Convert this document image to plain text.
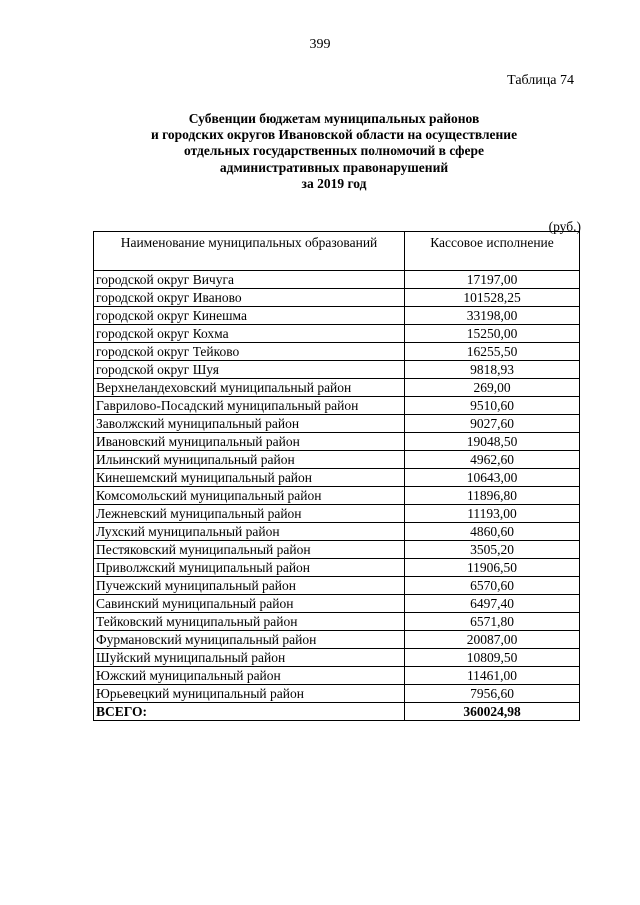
399
Таблица 74
Субвенции бюджетам муниципальных районов
и городских округов Ивановской области на осуществление
отдельных государственных полномочий в сфере
административных правонарушений
за 2019 год
(руб.)
Наименование муниципальных образований	Кассовое исполнение
городской округ Вичуга	17197,00
городской округ Иваново	101528,25
городской округ Кинешма	33198,00
городской округ Кохма	15250,00
городской округ Тейково	16255,50
городской округ Шуя	9818,93
Верхнеландеховский муниципальный район	269,00
Гаврилово-Посадский муниципальный район	9510,60
Заволжский муниципальный район	9027,60
Ивановский муниципальный район	19048,50
Ильинский муниципальный район	4962,60
Кинешемский муниципальный район	10643,00
Комсомольский муниципальный район	11896,80
Лежневский муниципальный район	11193,00
Лухский муниципальный район	4860,60
Пестяковский муниципальный район	3505,20
Приволжский муниципальный район	11906,50
Пучежский муниципальный район	6570,60
Савинский муниципальный район	6497,40
Тейковский муниципальный район	6571,80
Фурмановский муниципальный район	20087,00
Шуйский муниципальный район	10809,50
Южский муниципальный район	11461,00
Юрьевецкий муниципальный район	7956,60
ВСЕГО:	360024,98
